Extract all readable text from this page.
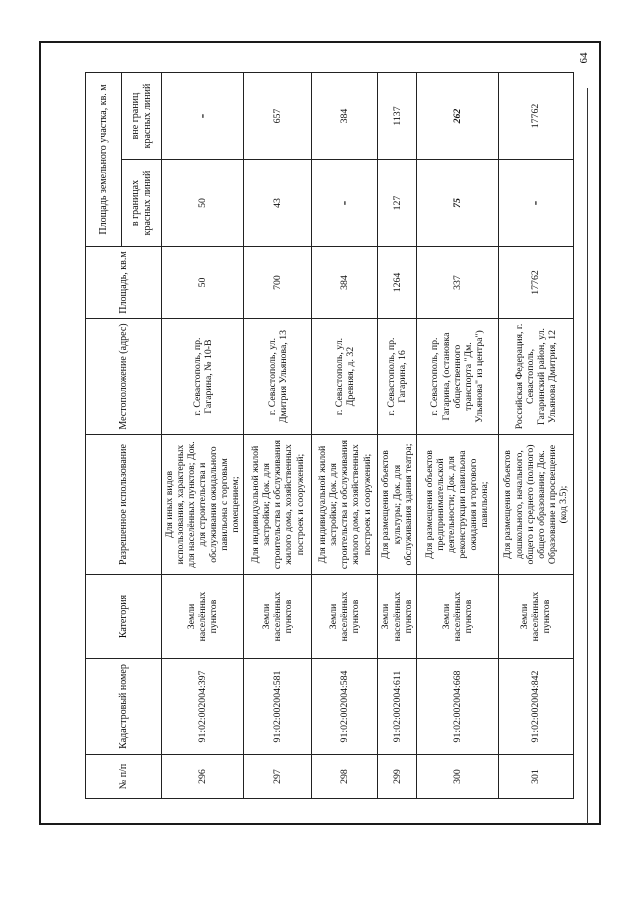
64
№ п/п	Кадастровый номер	Категория	Разрешенное использование	Местоположение (адрес)	Площадь, кв.м	Площадь земельного участка, кв. м	
						в границах красных линий	вне границ красных линий
296	91:02:002004:397	Земли населённых пунктов	Для иных видов использования, характерных для населённых пунктов; Док. для строительства и обслуживания ожидального павильона с торговым помещением;	г. Севастополь, пр. Гагарина, № 10-В	50	50	-
297	91:02:002004:581	Земли населённых пунктов	Для индивидуальной жилой застройки; Док. для строительства и обслуживания жилого дома, хозяйственных построек и сооружений;	г. Севастополь, ул. Дмитрия Ульянова, 13	700	43	657
298	91:02:002004:584	Земли населённых пунктов	Для индивидуальной жилой застройки; Док. для строительства и обслуживания жилого дома, хозяйственных построек и сооружений;	г. Севастополь, ул. Древняя, д. 32	384	-	384
299	91:02:002004:611	Земли населённых пунктов	Для размещения объектов культуры; Док. для обслуживания здания театра;	г. Севастополь, пр. Гагарина, 16	1264	127	1137
300	91:02:002004:668	Земли населённых пунктов	Для размещения объектов предпринимательской деятельности; Док. для реконструкции павильона ожидания и торгового павильона;	г. Севастополь, пр. Гагарина, (остановка общественного транспорта "Дм. Ульянова" из центра")	337	75	262
301	91:02:002004:842	Земли населённых пунктов	Для размещения объектов дошкольного, начального, общего и среднего (полного) общего образования; Док. Образование и просвещение (код 3.5);	Российская Федерация, г. Севастополь, Гагаринский район, ул. Ульянова Дмитрия, 12	17762	-	17762
